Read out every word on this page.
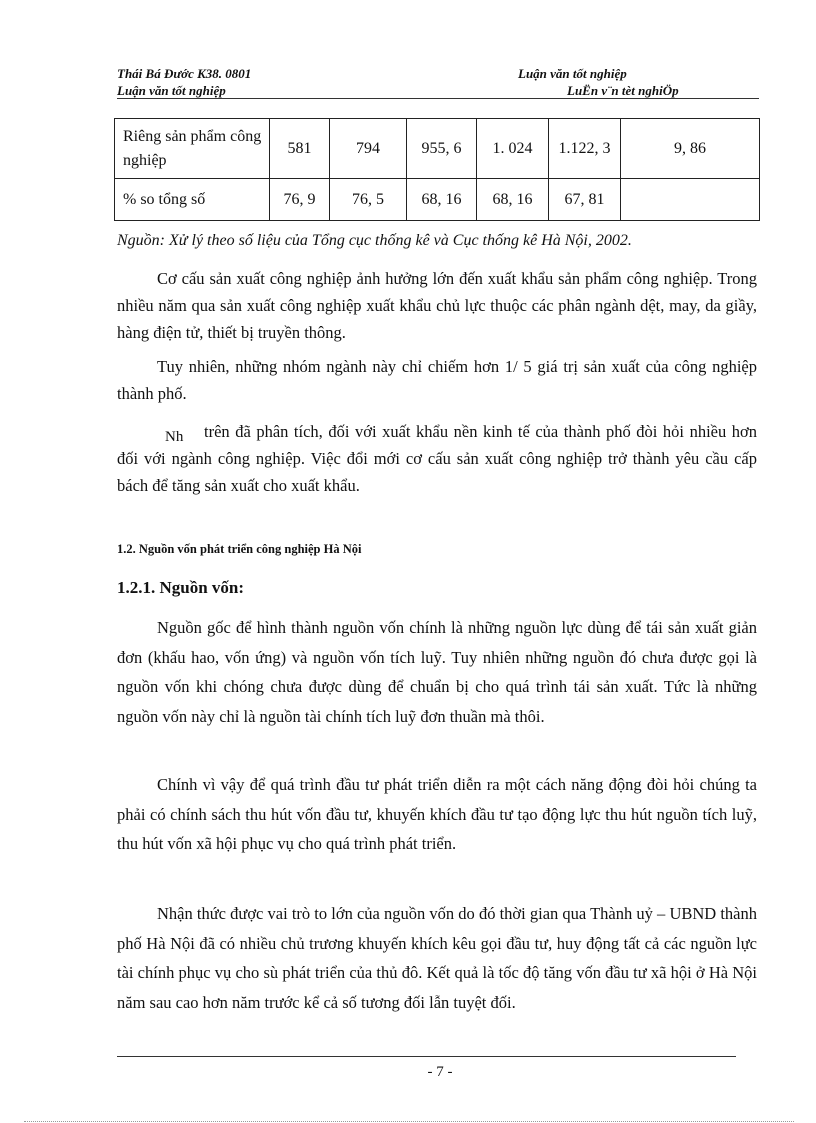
Thái Bá Đước K38. 0801	Luận văn tốt nghiệp
Luận văn tốt nghiệp	LuËn v¨n tèt nghiÖp
Riêng sản phẩm công nghiệp	581	794	955, 6	1. 024	1.122, 3	9, 86
% so tổng số	76, 9	76, 5	68, 16	68, 16	67, 81	
Nguồn: Xử lý theo số liệu của Tổng cục thống kê và Cục thống kê Hà Nội, 2002.

Cơ cấu sản xuất công nghiệp ảnh hưởng lớn đến xuất khẩu sản phẩm công nghiệp. Trong nhiều năm qua sản xuất công nghiệp xuất khẩu chủ lực thuộc các phân ngành dệt, may, da giầy, hàng điện tử, thiết bị truyền thông.

Tuy nhiên, những nhóm ngành này chỉ chiếm hơn 1/ 5 giá trị sản xuất của công nghiệp thành phố.

Nh	trên đã phân tích, đối với xuất khẩu nền kinh tế của thành phố đòi hỏi nhiều hơn đối với ngành công nghiệp. Việc đổi mới cơ cấu sản xuất công nghiệp trở thành yêu cầu cấp bách để tăng sản xuất cho xuất khẩu.

1.2. Nguồn vốn phát triển công nghiệp Hà Nội
1.2.1. Nguồn vốn:

Nguồn gốc để hình thành nguồn vốn chính là những nguồn lực dùng để tái sản xuất giản đơn (khấu hao, vốn ứng) và nguồn vốn tích luỹ. Tuy nhiên những nguồn đó chưa được gọi là nguồn vốn khi chóng chưa được dùng để chuẩn bị cho quá trình tái sản xuất. Tức là những nguồn vốn này chỉ là nguồn tài chính tích luỹ đơn thuần mà thôi.

Chính vì vậy để quá trình đầu tư phát triển diễn ra một cách năng động đòi hỏi chúng ta phải có chính sách thu hút vốn đầu tư, khuyến khích đầu tư tạo động lực thu hút nguồn tích luỹ, thu hút vốn xã hội phục vụ cho quá trình phát triển.

Nhận thức được vai trò to lớn của nguồn vốn do đó thời gian qua Thành uỷ – UBND thành phố Hà Nội đã có nhiều chủ trương khuyến khích kêu gọi đầu tư, huy động tất cả các nguồn lực tài chính phục vụ cho sù phát triển của thủ đô. Kết quả là tốc độ tăng vốn đầu tư xã hội ở Hà Nội năm sau cao hơn năm trước kể cả số tương đối lẫn tuyệt đối.

- 7 -
